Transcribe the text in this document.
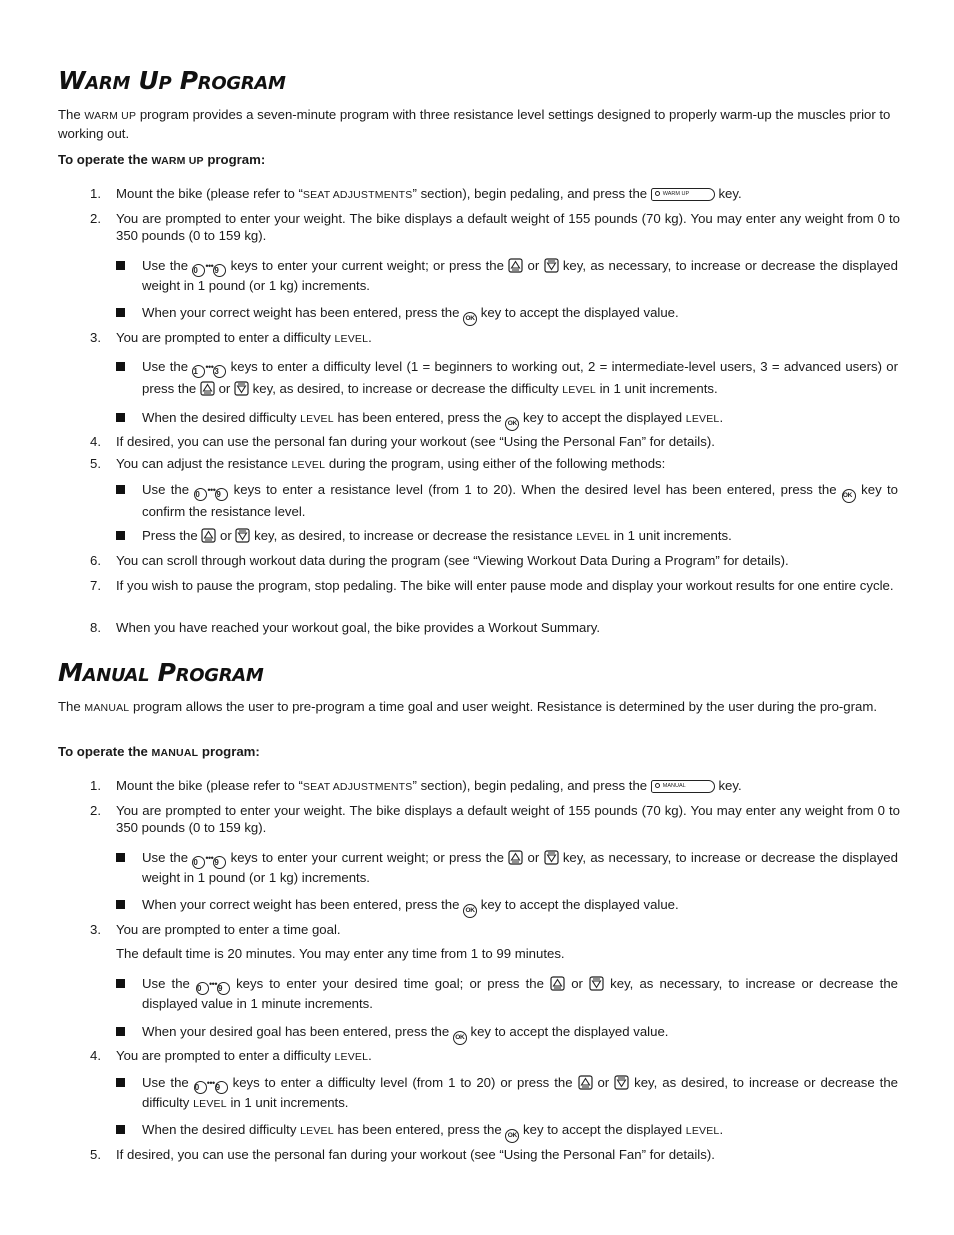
Warm Up Program

The WARM UP program provides a seven-minute program with three resistance level settings designed to properly warm-up the muscles prior to working out.

To operate the WARM UP program:

1. Mount the bike (please refer to “SEAT ADJUSTMENTS” section), begin pedaling, and press the	WARM UP key.

2. You are prompted to enter your weight. The bike displays a default weight of 155 pounds (70 kg). You may enter any weight from 0 to 350 pounds (0 to 159 kg).

Use the 0 •••9 keys to enter your current weight; or press the
or
key, as necessary, to increase or decrease the displayed weight in 1 pound (or 1 kg) increments.

When your correct weight has been entered, press the OK key to accept the displayed value.

3. You are prompted to enter a difficulty LEVEL.

Use the 1 •••3 keys to enter a difficulty level (1 = beginners to working out, 2 = intermediate-level users, 3 = advanced users) or press the
or
key, as desired, to increase or decrease the difficulty LEVEL in 1 unit increments.

When the desired difficulty LEVEL has been entered, press the OK key to accept the displayed LEVEL.

4. If desired, you can use the personal fan during your workout (see “Using the Personal Fan” for details).

5. You can adjust the resistance LEVEL during the program, using either of the following methods:

Use the 0 •••9 keys to enter a resistance level (from 1 to 20). When the desired level has been entered, press the OK key to confirm the resistance level.

Press the
or
key, as desired, to increase or decrease the resistance LEVEL in 1 unit increments.

6. You can scroll through workout data during the program (see “Viewing Workout Data During a Program” for details).

7. If you wish to pause the program, stop pedaling. The bike will enter pause mode and display your workout results for one entire cycle.

8. When you have reached your workout goal, the bike provides a Workout Summary.

Manual Program

The MANUAL program allows the user to pre-program a time goal and user weight. Resistance is determined by the user during the pro-gram.

To operate the MANUAL program:

1. Mount the bike (please refer to “SEAT ADJUSTMENTS” section), begin pedaling, and press the	MANUAL key.

2. You are prompted to enter your weight. The bike displays a default weight of 155 pounds (70 kg). You may enter any weight from 0 to 350 pounds (0 to 159 kg).

Use the 0 •••9 keys to enter your current weight; or press the
or
key, as necessary, to increase or decrease the displayed weight in 1 pound (or 1 kg) increments.

When your correct weight has been entered, press the OK key to accept the displayed value.

3. You are prompted to enter a time goal.

The default time is 20 minutes. You may enter any time from 1 to 99 minutes.

Use the 0 •••9 keys to enter your desired time goal; or press the
or
key, as necessary, to increase or decrease the displayed value in 1 minute increments.

When your desired goal has been entered, press the OK key to accept the displayed value.

4. You are prompted to enter a difficulty LEVEL.

Use the 0 •••9 keys to enter a difficulty level (from 1 to 20) or press the
or
key, as desired, to increase or decrease the difficulty LEVEL in 1 unit increments.

When the desired difficulty LEVEL has been entered, press the OK key to accept the displayed LEVEL.

5. If desired, you can use the personal fan during your workout (see “Using the Personal Fan” for details).
